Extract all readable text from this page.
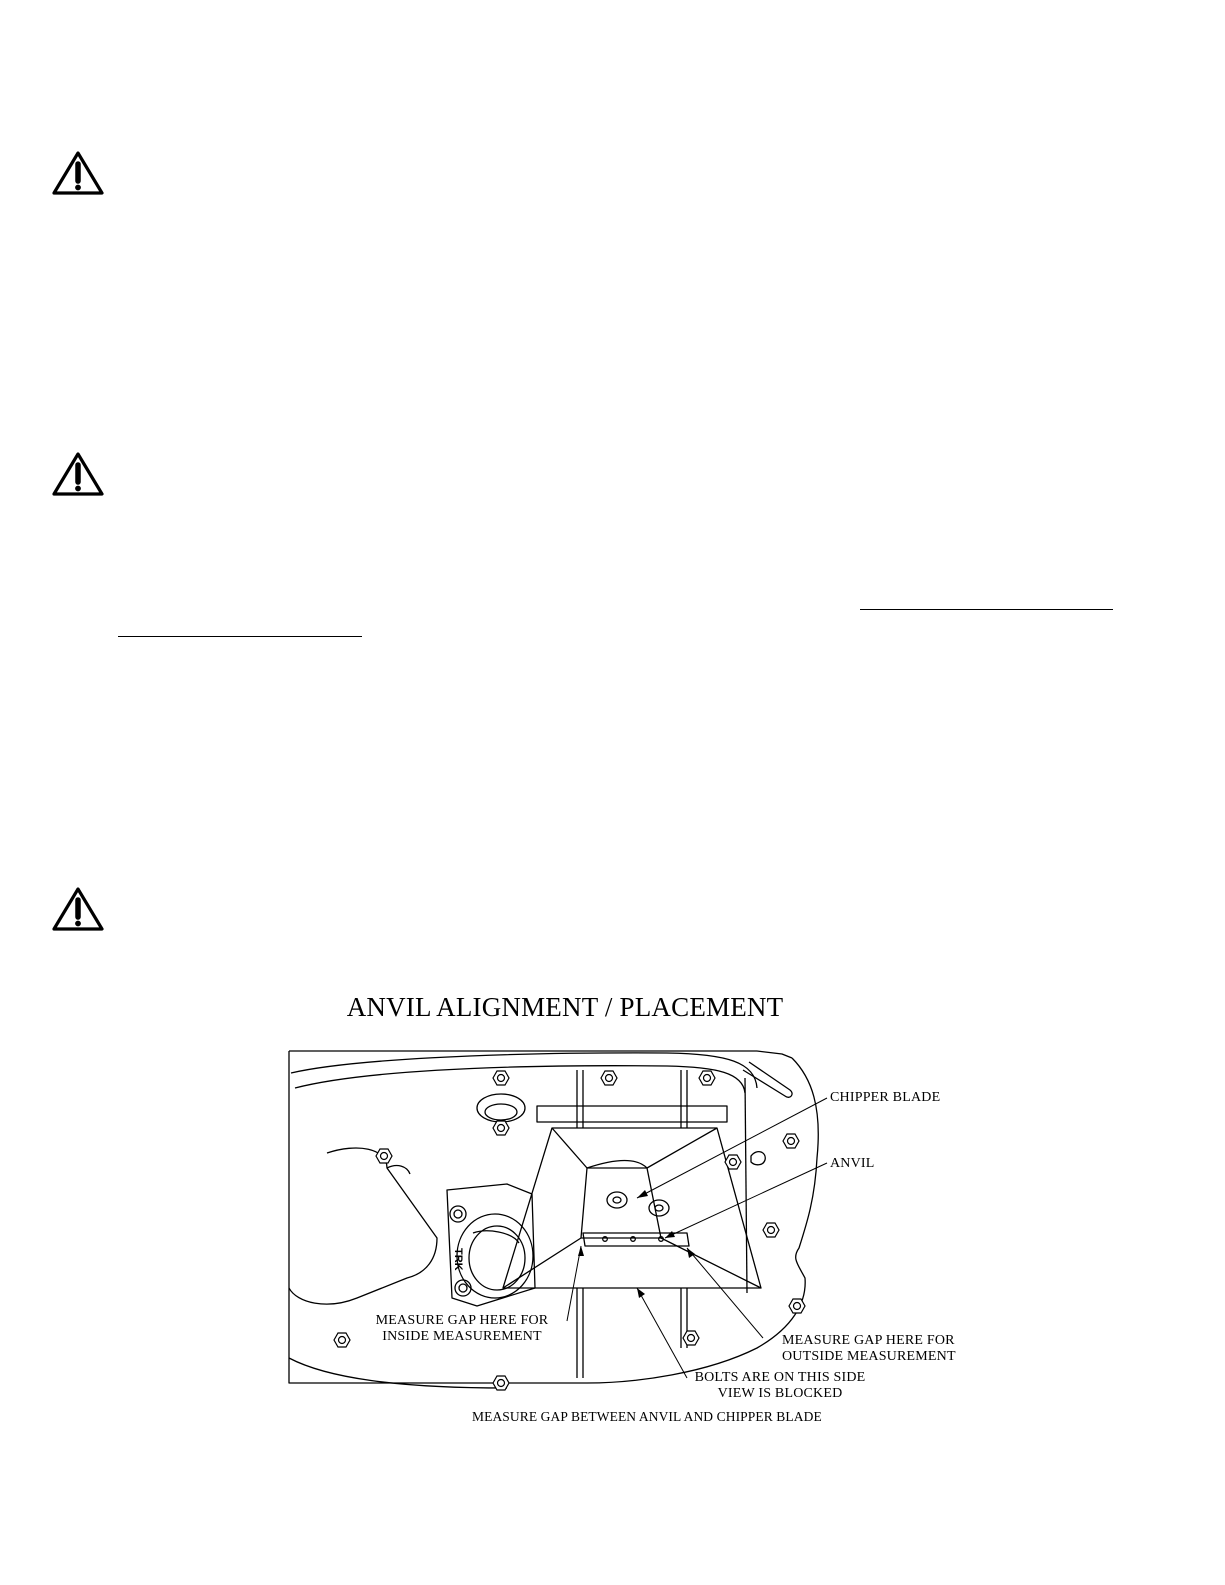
ANVIL ALIGNMENT / PLACEMENT
TRK
CHIPPER BLADE
ANVIL
MEASURE GAP HERE FOR
INSIDE MEASUREMENT	MEASURE GAP HERE FOR
OUTSIDE MEASUREMENT
BOLTS ARE ON THIS SIDE
VIEW IS BLOCKED
MEASURE GAP BETWEEN ANVIL AND CHIPPER BLADE
